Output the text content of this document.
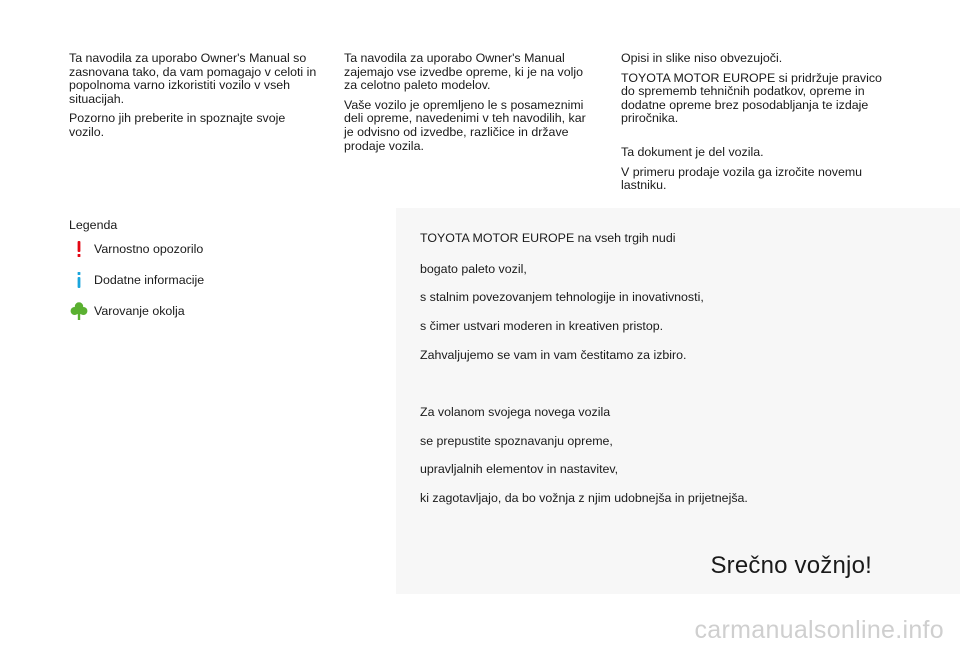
Ta navodila za uporabo Owner's Manual so zasnovana tako, da vam pomagajo v celoti in popolnoma varno izkoristiti vozilo v vseh situacijah.

Pozorno jih preberite in spoznajte svoje vozilo.

Ta navodila za uporabo Owner's Manual zajemajo vse izvedbe opreme, ki je na voljo za celotno paleto modelov.

Vaše vozilo je opremljeno le s posameznimi deli opreme, navedenimi v teh navodilih, kar je odvisno od izvedbe, različice in države prodaje vozila.

Opisi in slike niso obvezujoči.

TOYOTA MOTOR EUROPE si pridržuje pravico do sprememb tehničnih podatkov, opreme in dodatne opreme brez posodabljanja te izdaje priročnika.

Ta dokument je del vozila.

V primeru prodaje vozila ga izročite novemu lastniku.

Legenda
Varnostno opozorilo
Dodatne informacije
Varovanje okolja
TOYOTA MOTOR EUROPE na vseh trgih nudi
bogato paleto vozil,
s stalnim povezovanjem tehnologije in inovativnosti,
s čimer ustvari moderen in kreativen pristop.
Zahvaljujemo se vam in vam čestitamo za izbiro.
Za volanom svojega novega vozila
se prepustite spoznavanju opreme,
upravljalnih elementov in nastavitev,
ki zagotavljajo, da bo vožnja z njim udobnejša in prijetnejša.
Srečno vožnjo!
carmanualsonline.info
